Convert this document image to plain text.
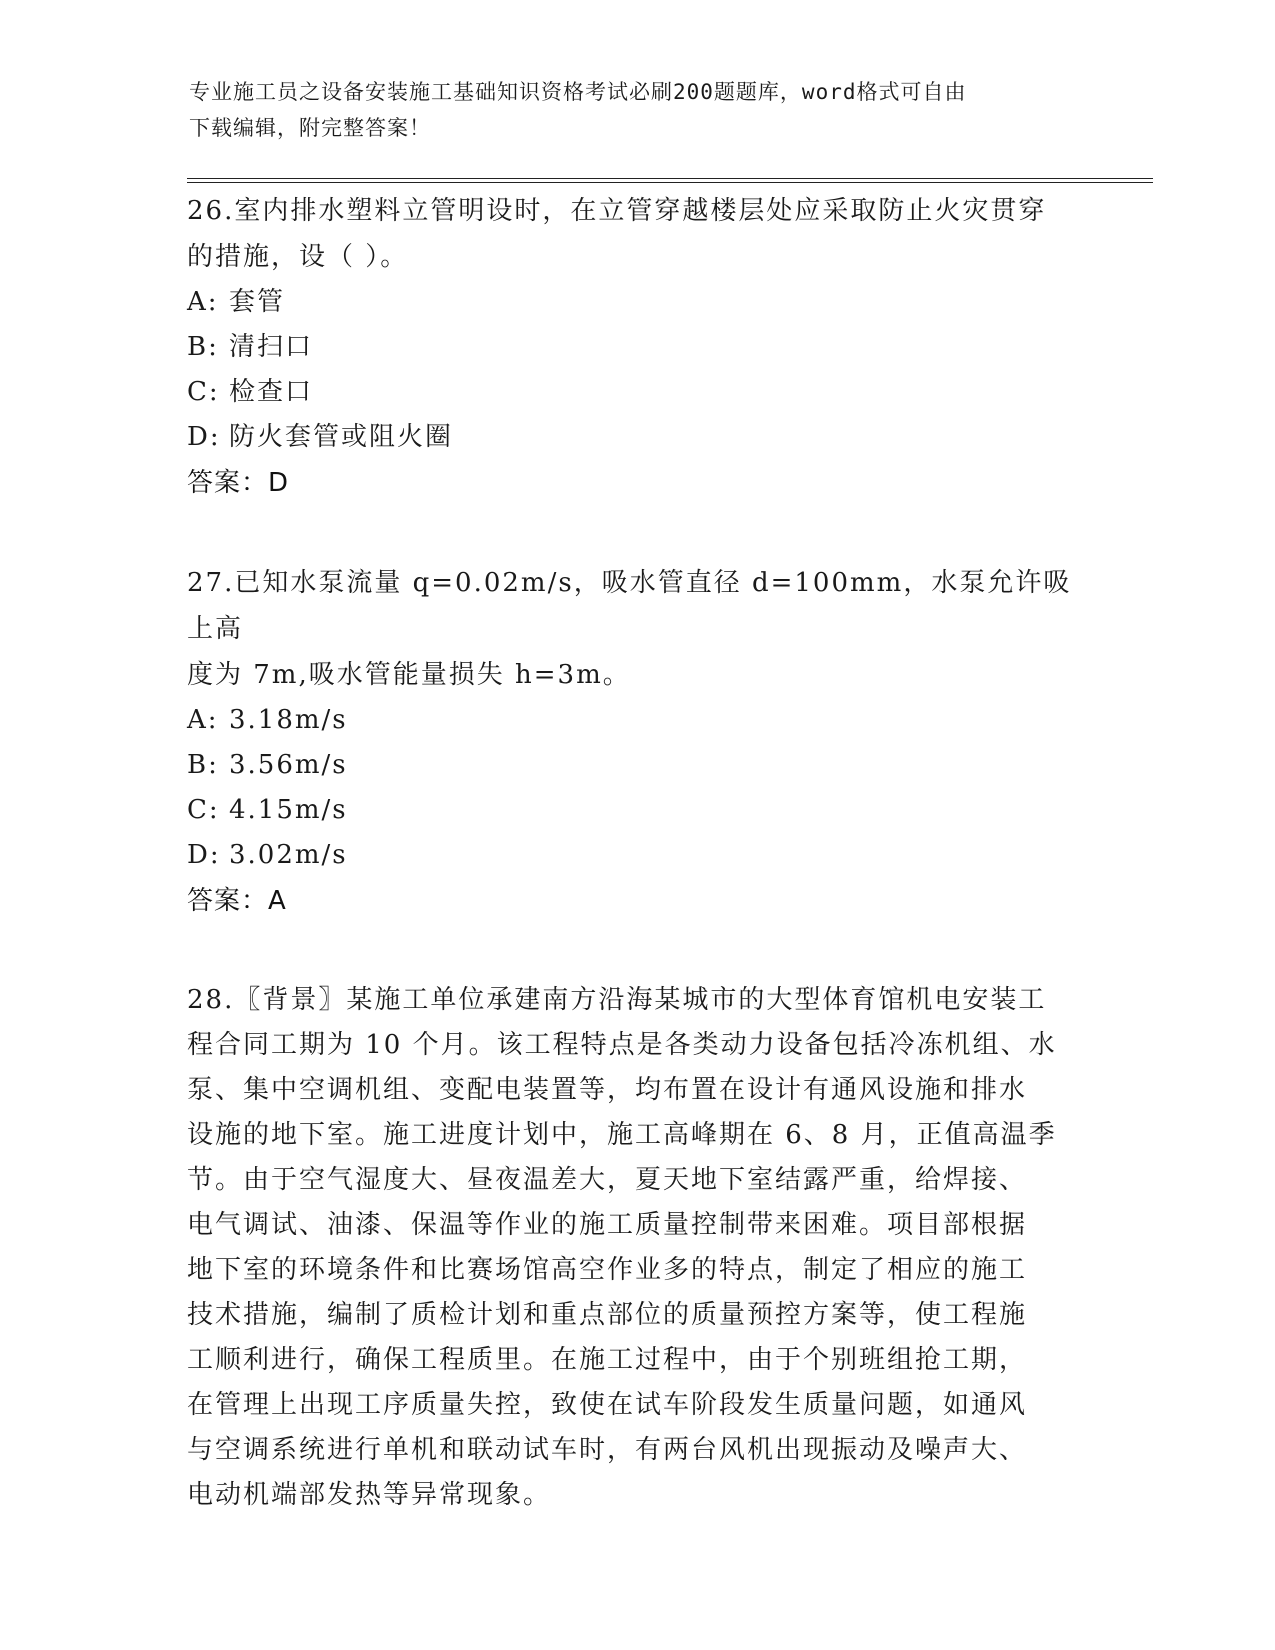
专业施工员之设备安装施工基础知识资格考试必刷200题题库，word格式可自由
下载编辑，附完整答案！

26.室内排水塑料立管明设时，在立管穿越楼层处应采取防止火灾贯穿

的措施，设（ ）。

A: 套管

B: 清扫口

C: 检查口

D: 防火套管或阻火圈

答案：D

27.已知水泵流量 q=0.02m/s，吸水管直径 d=100mm，水泵允许吸上高

度为 7m,吸水管能量损失 h=3m。

A: 3.18m/s

B: 3.56m/s

C: 4.15m/s

D: 3.02m/s

答案：A

28.〖背景〗某施工单位承建南方沿海某城市的大型体育馆机电安装工

程合同工期为 10 个月。该工程特点是各类动力设备包括冷冻机组、水

泵、集中空调机组、变配电装置等，均布置在设计有通风设施和排水

设施的地下室。施工进度计划中，施工高峰期在 6、8 月，正值高温季

节。由于空气湿度大、昼夜温差大，夏天地下室结露严重，给焊接、

电气调试、油漆、保温等作业的施工质量控制带来困难。项目部根据

地下室的环境条件和比赛场馆高空作业多的特点，制定了相应的施工

技术措施，编制了质检计划和重点部位的质量预控方案等，使工程施

工顺利进行，确保工程质里。在施工过程中，由于个别班组抢工期，

在管理上出现工序质量失控，致使在试车阶段发生质量问题，如通风

与空调系统进行单机和联动试车时，有两台风机出现振动及噪声大、

电动机端部发热等异常现象。
